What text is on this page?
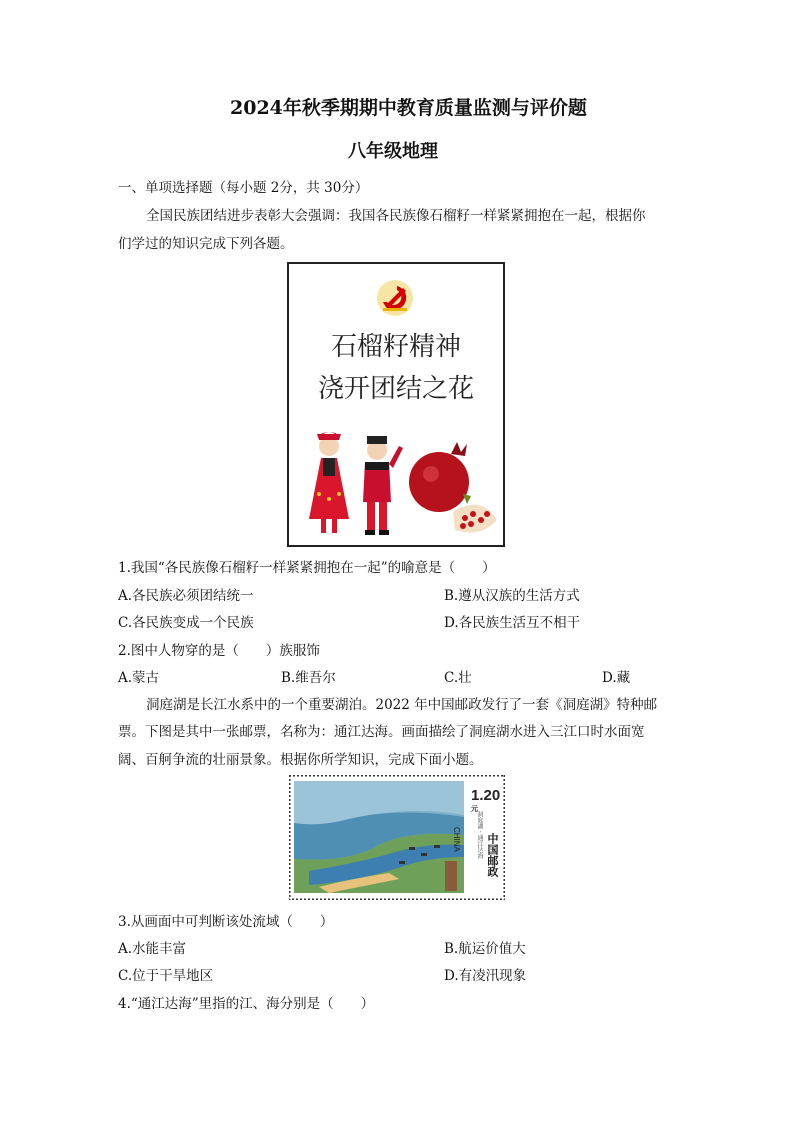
2024年秋季期期中教育质量监测与评价题
八年级地理
一、单项选择题（每小题 2分，共 30分）
全国民族团结进步表彰大会强调：我国各民族像石榴籽一样紧紧拥抱在一起，根据你
们学过的知识完成下列各题。
石榴籽精神
浇开团结之花
1.我国“各民族像石榴籽一样紧紧拥抱在一起”的喻意是（　　）
A.各民族必须团结统一	B.遵从汉族的生活方式
C.各民族变成一个民族	D.各民族生活互不相干
2.图中人物穿的是（　　）族服饰
A.蒙古	B.维吾尔	C.壮	D.藏
洞庭湖是长江水系中的一个重要湖泊。2022 年中国邮政发行了一套《洞庭湖》特种邮
票。下图是其中一张邮票，名称为：通江达海。画面描绘了洞庭湖水进入三江口时水面宽
阔、百舸争流的壮丽景象。根据你所学知识，完成下面小题。
$1.20^元$
CHINA	洞庭湖 · 通江达海 中国邮政
3.从画面中可判断该处流域（　　）
A.水能丰富	B.航运价值大
C.位于干旱地区	D.有凌汛现象
4.“通江达海”里指的江、海分别是（　　）
